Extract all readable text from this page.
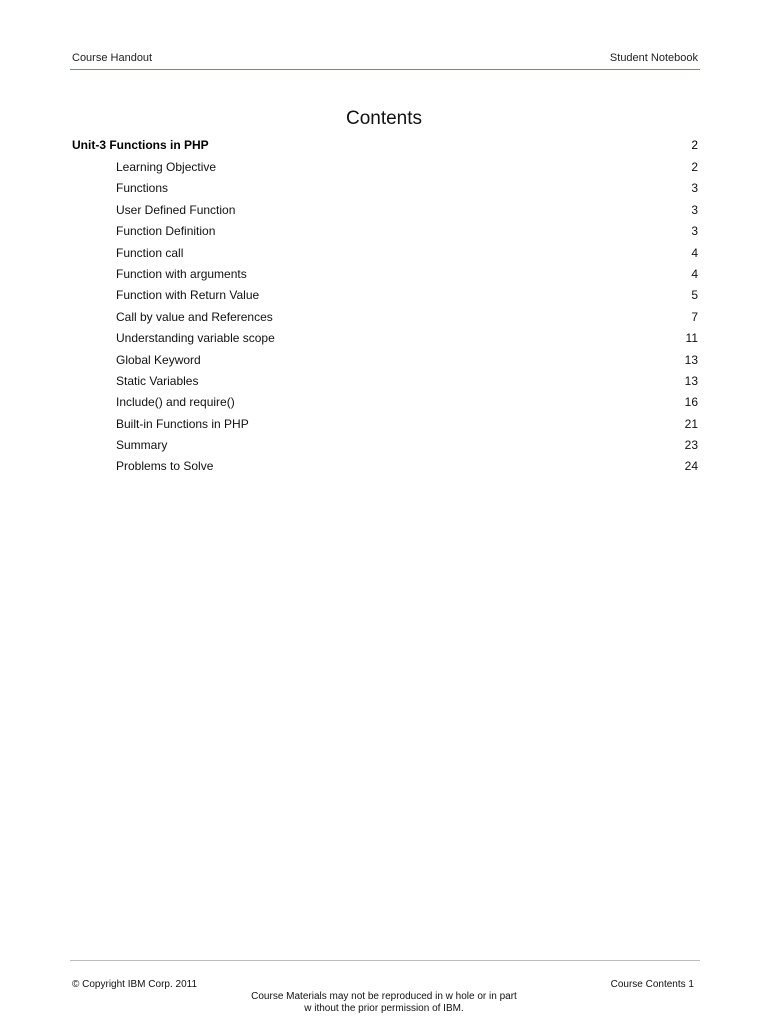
Course Handout	Student Notebook
Contents
Unit-3 Functions in PHP	2
Learning Objective	2
Functions	3
User Defined Function	3
Function Definition	3
Function call	4
Function with arguments	4
Function with Return Value	5
Call by value and References	7
Understanding variable scope	11
Global Keyword	13
Static Variables	13
Include() and require()	16
Built-in Functions in PHP	21
Summary	23
Problems to Solve	24
© Copyright IBM Corp. 2011	Course Contents 1
Course Materials may not be reproduced in w hole or in part
w ithout the prior permission of IBM.
